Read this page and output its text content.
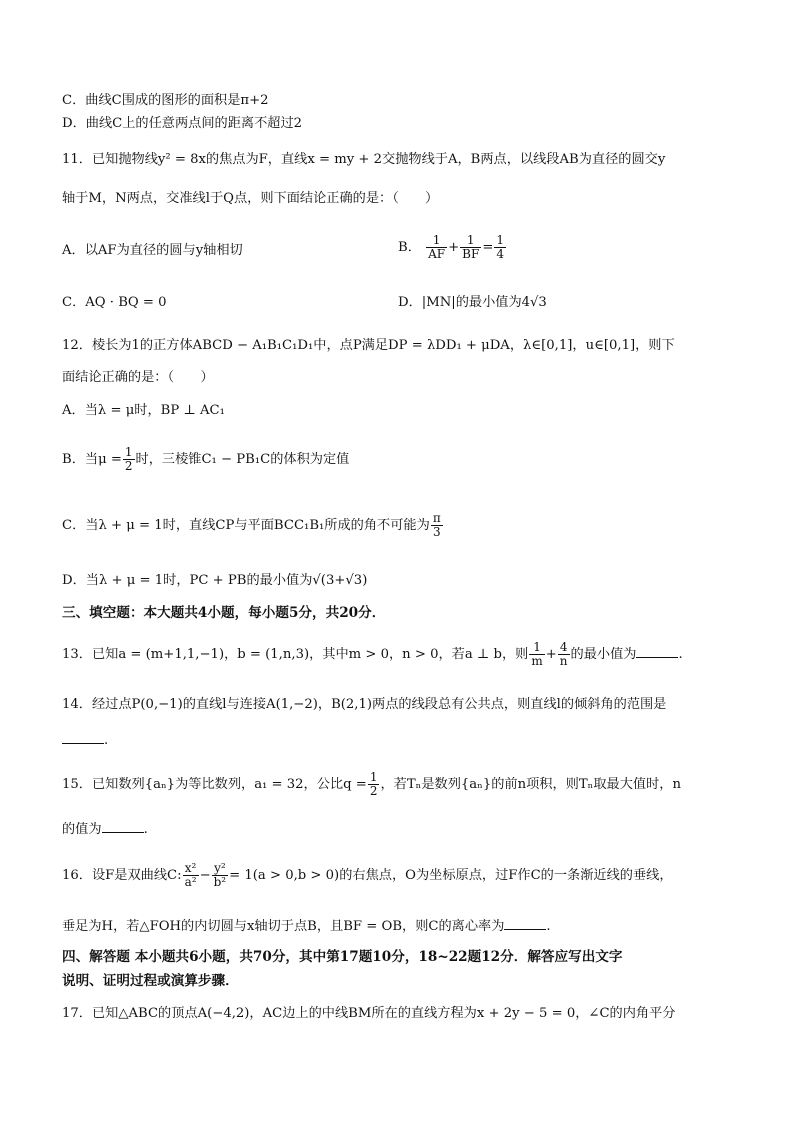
C．曲线C围成的图形的面积是π+2
D．曲线C上的任意两点间的距离不超过2
11．已知抛物线y² = 8x的焦点为F，直线x = my + 2交抛物线于A，B两点，以线段AB为直径的圆交y
轴于M，N两点，交准线l于Q点，则下面结论正确的是：（　　）
A．以AF为直径的圆与y轴相切	B． $\frac{1}{AF} + \frac{1}{BF} = \frac{1}{4}$
C．AQ · BQ = 0	D．|MN|的最小值为4√3
12．棱长为1的正方体ABCD − A₁B₁C₁D₁中，点P满足DP = λDD₁ + μDA，λ∈[0,1]，u∈[0,1]，则下
面结论正确的是：（　　）
A．当λ = μ时，BP ⊥ AC₁
B．当$\mu = \frac{1}{2}$ 时，三棱锥C₁ − PB₁C的体积为定值
C．当λ + μ = 1时，直线CP与平面BCC₁B₁所成的角不可能为 $\frac{\pi}{3}$
D．当λ + μ = 1时，PC + PB的最小值为√(3+√3)
三、填空题：本大题共4小题，每小题5分，共20分．
13．已知a = (m+1,1,−1)，b = (1,n,3)，其中m > 0，n > 0，若a ⊥ b，则 $\frac{1}{m} + \frac{4}{n}$ 的最小值为	.
14．经过点P(0,−1)的直线l与连接A(1,−2)，B(2,1)两点的线段总有公共点，则直线l的倾斜角的范围是
.
15．已知数列{aₙ}为等比数列，a₁ = 32，公比$q = \frac{1}{2}$ ，若Tₙ是数列{aₙ}的前n项积，则Tₙ取最大值时，n
的值为	.
16．设F是双曲线C: $\frac{\text{x²}}{\text{a²}} - \frac{\text{y²}}{\text{b²}} = 1(a > 0,b > 0)$的右焦点，O为坐标原点，过F作C的一条渐近线的垂线，
垂足为H，若△FOH的内切圆与x轴切于点B，且BF = OB，则C的离心率为	.
四、解答题 本小题共6小题，共70分，其中第17题10分，18~22题12分．解答应写出文字
说明、证明过程或演算步骤．
17．已知△ABC的顶点A(−4,2)，AC边上的中线BM所在的直线方程为x + 2y − 5 = 0，∠C的内角平分
